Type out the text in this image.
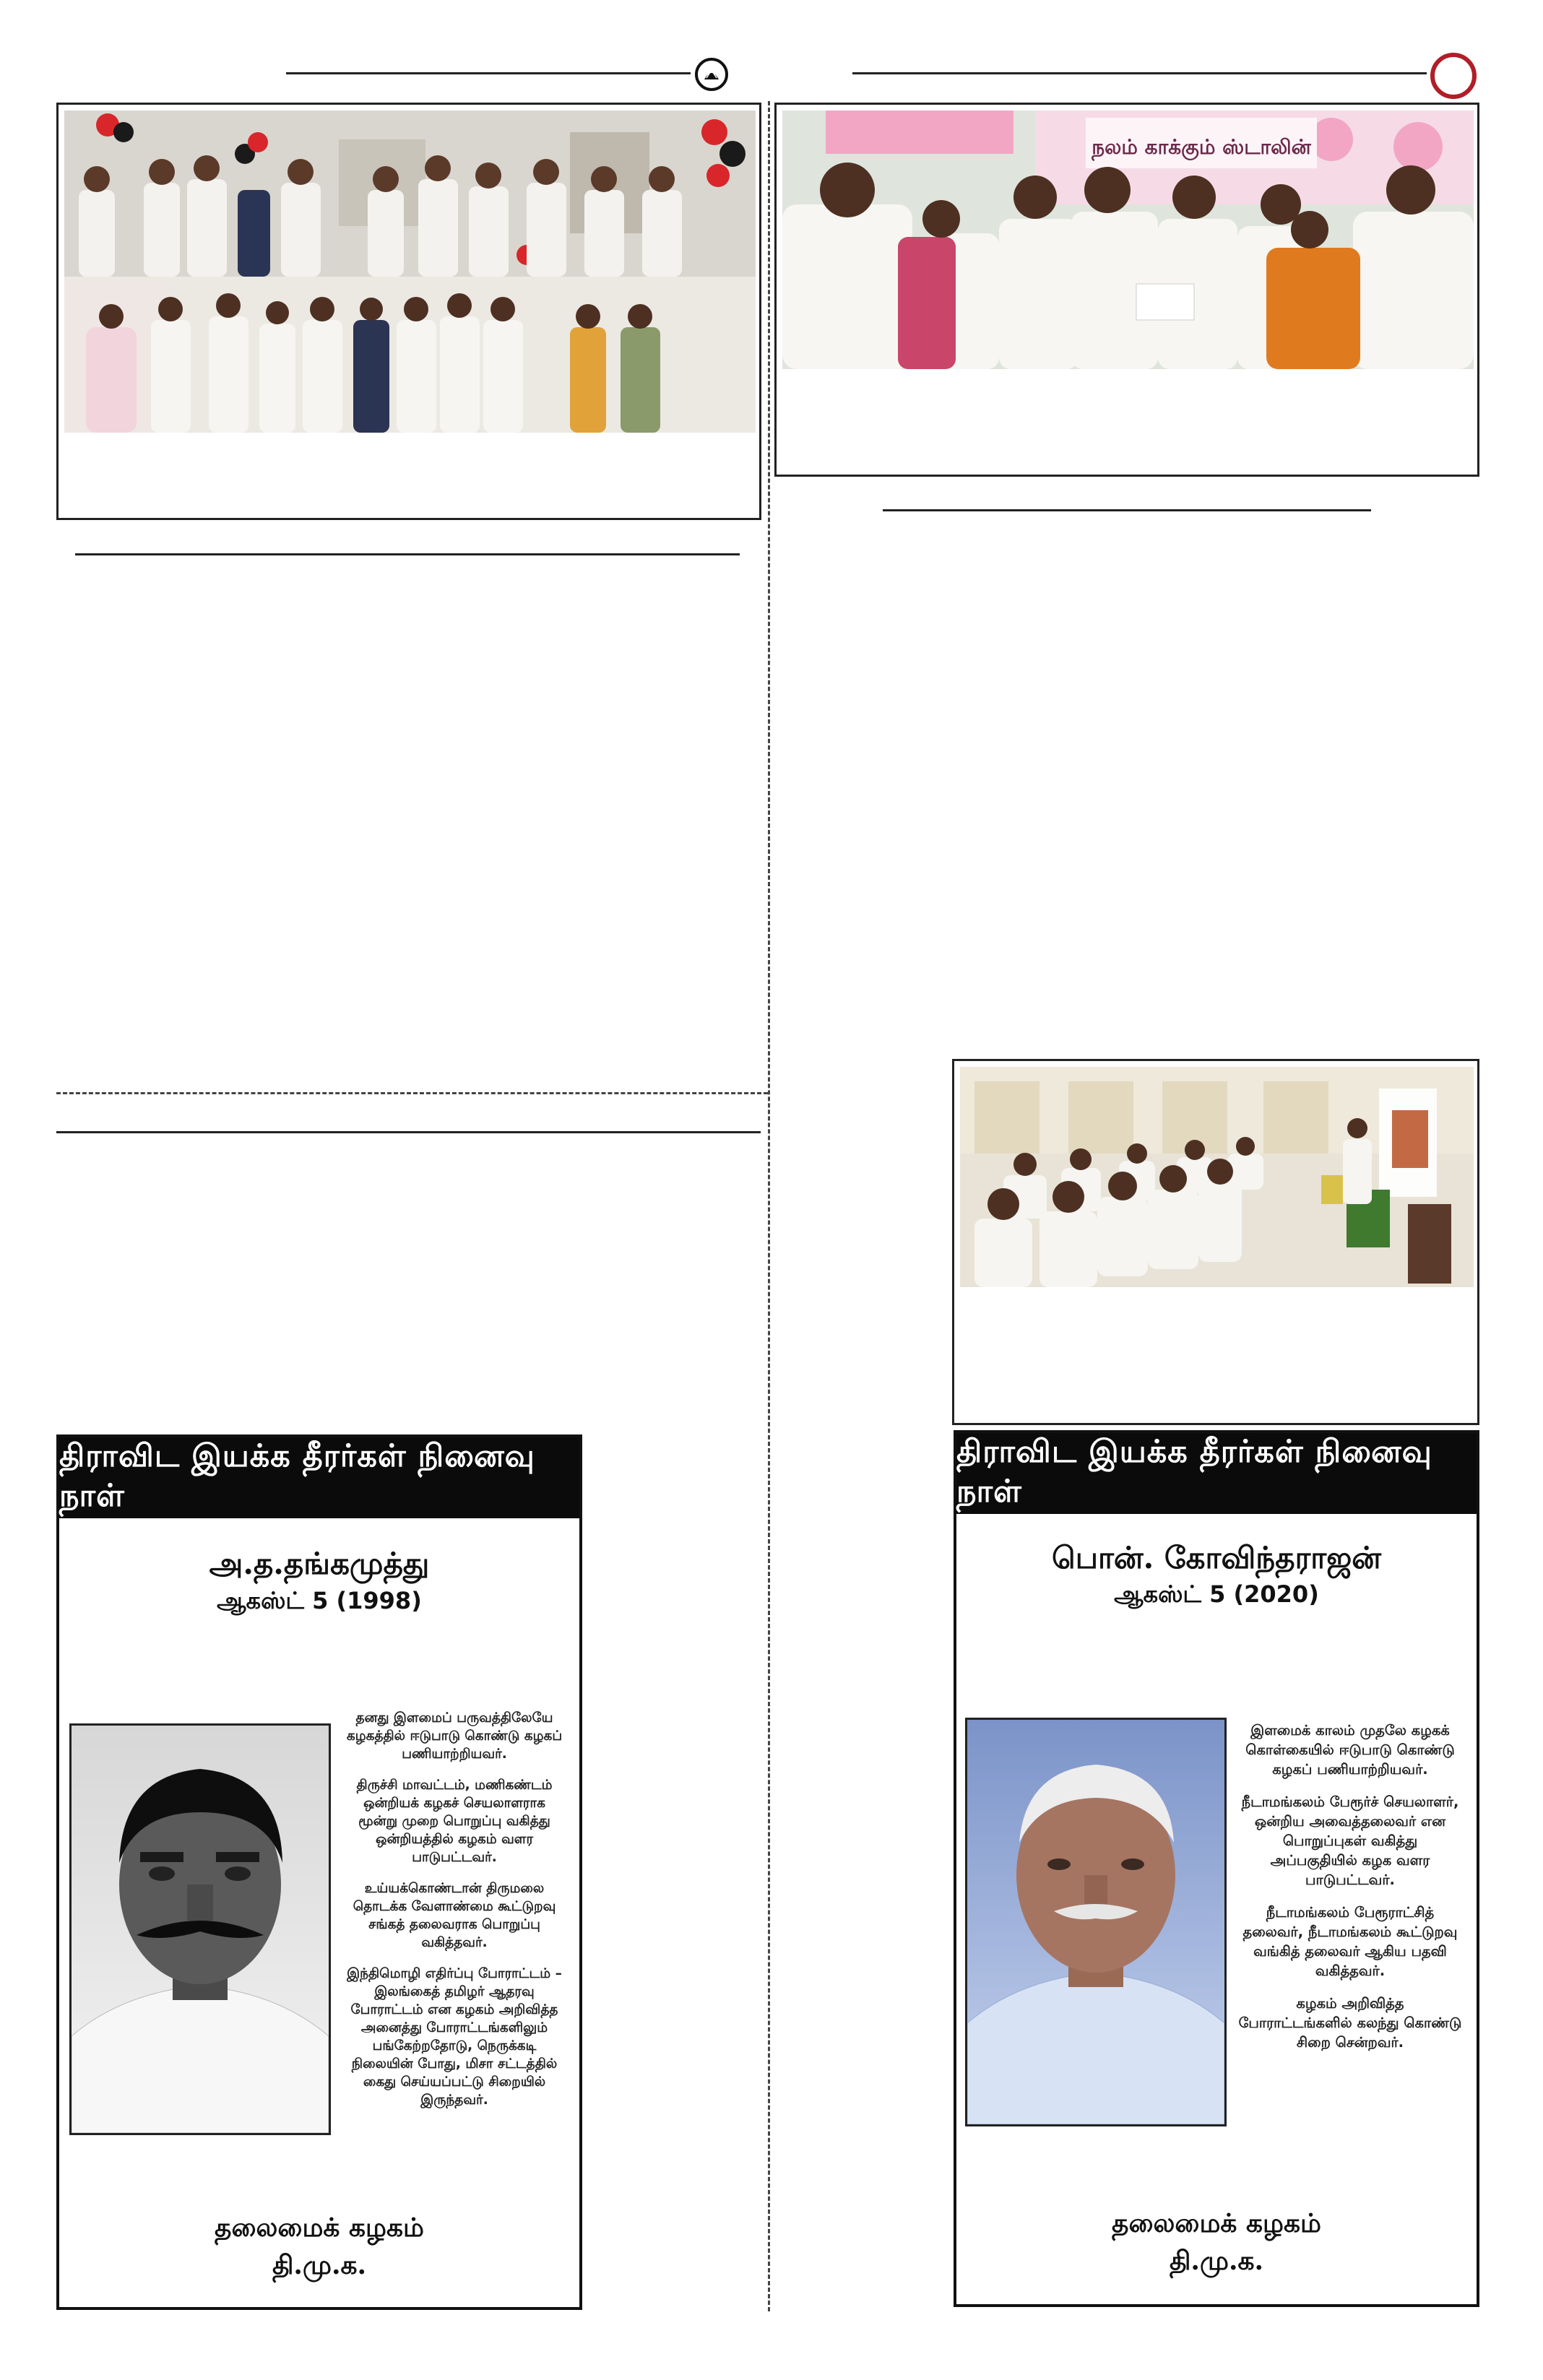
நலம் காக்கும் ஸ்டாலின்
திராவிட இயக்க தீரர்கள் நினைவு நாள்
அ.த.தங்கமுத்து
ஆகஸ்ட் 5 (1998)

தனது இளமைப் பருவத்திலேயே கழகத்தில் ஈடுபாடு கொண்டு கழகப் பணியாற்றியவர்.

திருச்சி மாவட்டம், மணிகண்டம் ஒன்றியக் கழகச் செயலாளராக மூன்று முறை பொறுப்பு வகித்து ஒன்றியத்தில் கழகம் வளர பாடுபட்டவர்.

உய்யக்கொண்டான் திருமலை தொடக்க வேளாண்மை கூட்டுறவு சங்கத் தலைவராக பொறுப்பு வகித்தவர்.

இந்திமொழி எதிர்ப்பு போராட்டம் – இலங்கைத் தமிழர் ஆதரவு போராட்டம் என கழகம் அறிவித்த அனைத்து போராட்டங்களிலும் பங்கேற்றதோடு, நெருக்கடி நிலையின் போது, மிசா சட்டத்தில் கைது செய்யப்பட்டு சிறையில் இருந்தவர்.

தலைமைக் கழகம்
தி.மு.க.
திராவிட இயக்க தீரர்கள் நினைவு நாள்
பொன். கோவிந்தராஜன்
ஆகஸ்ட் 5 (2020)

இளமைக் காலம் முதலே கழகக் கொள்கையில் ஈடுபாடு கொண்டு கழகப் பணியாற்றியவர்.

நீடாமங்கலம் பேரூர்ச் செயலாளர், ஒன்றிய அவைத்தலைவர் என பொறுப்புகள் வகித்து அப்பகுதியில் கழக வளர பாடுபட்டவர்.

நீடாமங்கலம் பேரூராட்சித் தலைவர், நீடாமங்கலம் கூட்டுறவு வங்கித் தலைவர் ஆகிய பதவி வகித்தவர்.

கழகம் அறிவித்த போராட்டங்களில் கலந்து கொண்டு சிறை சென்றவர்.

தலைமைக் கழகம்
தி.மு.க.
